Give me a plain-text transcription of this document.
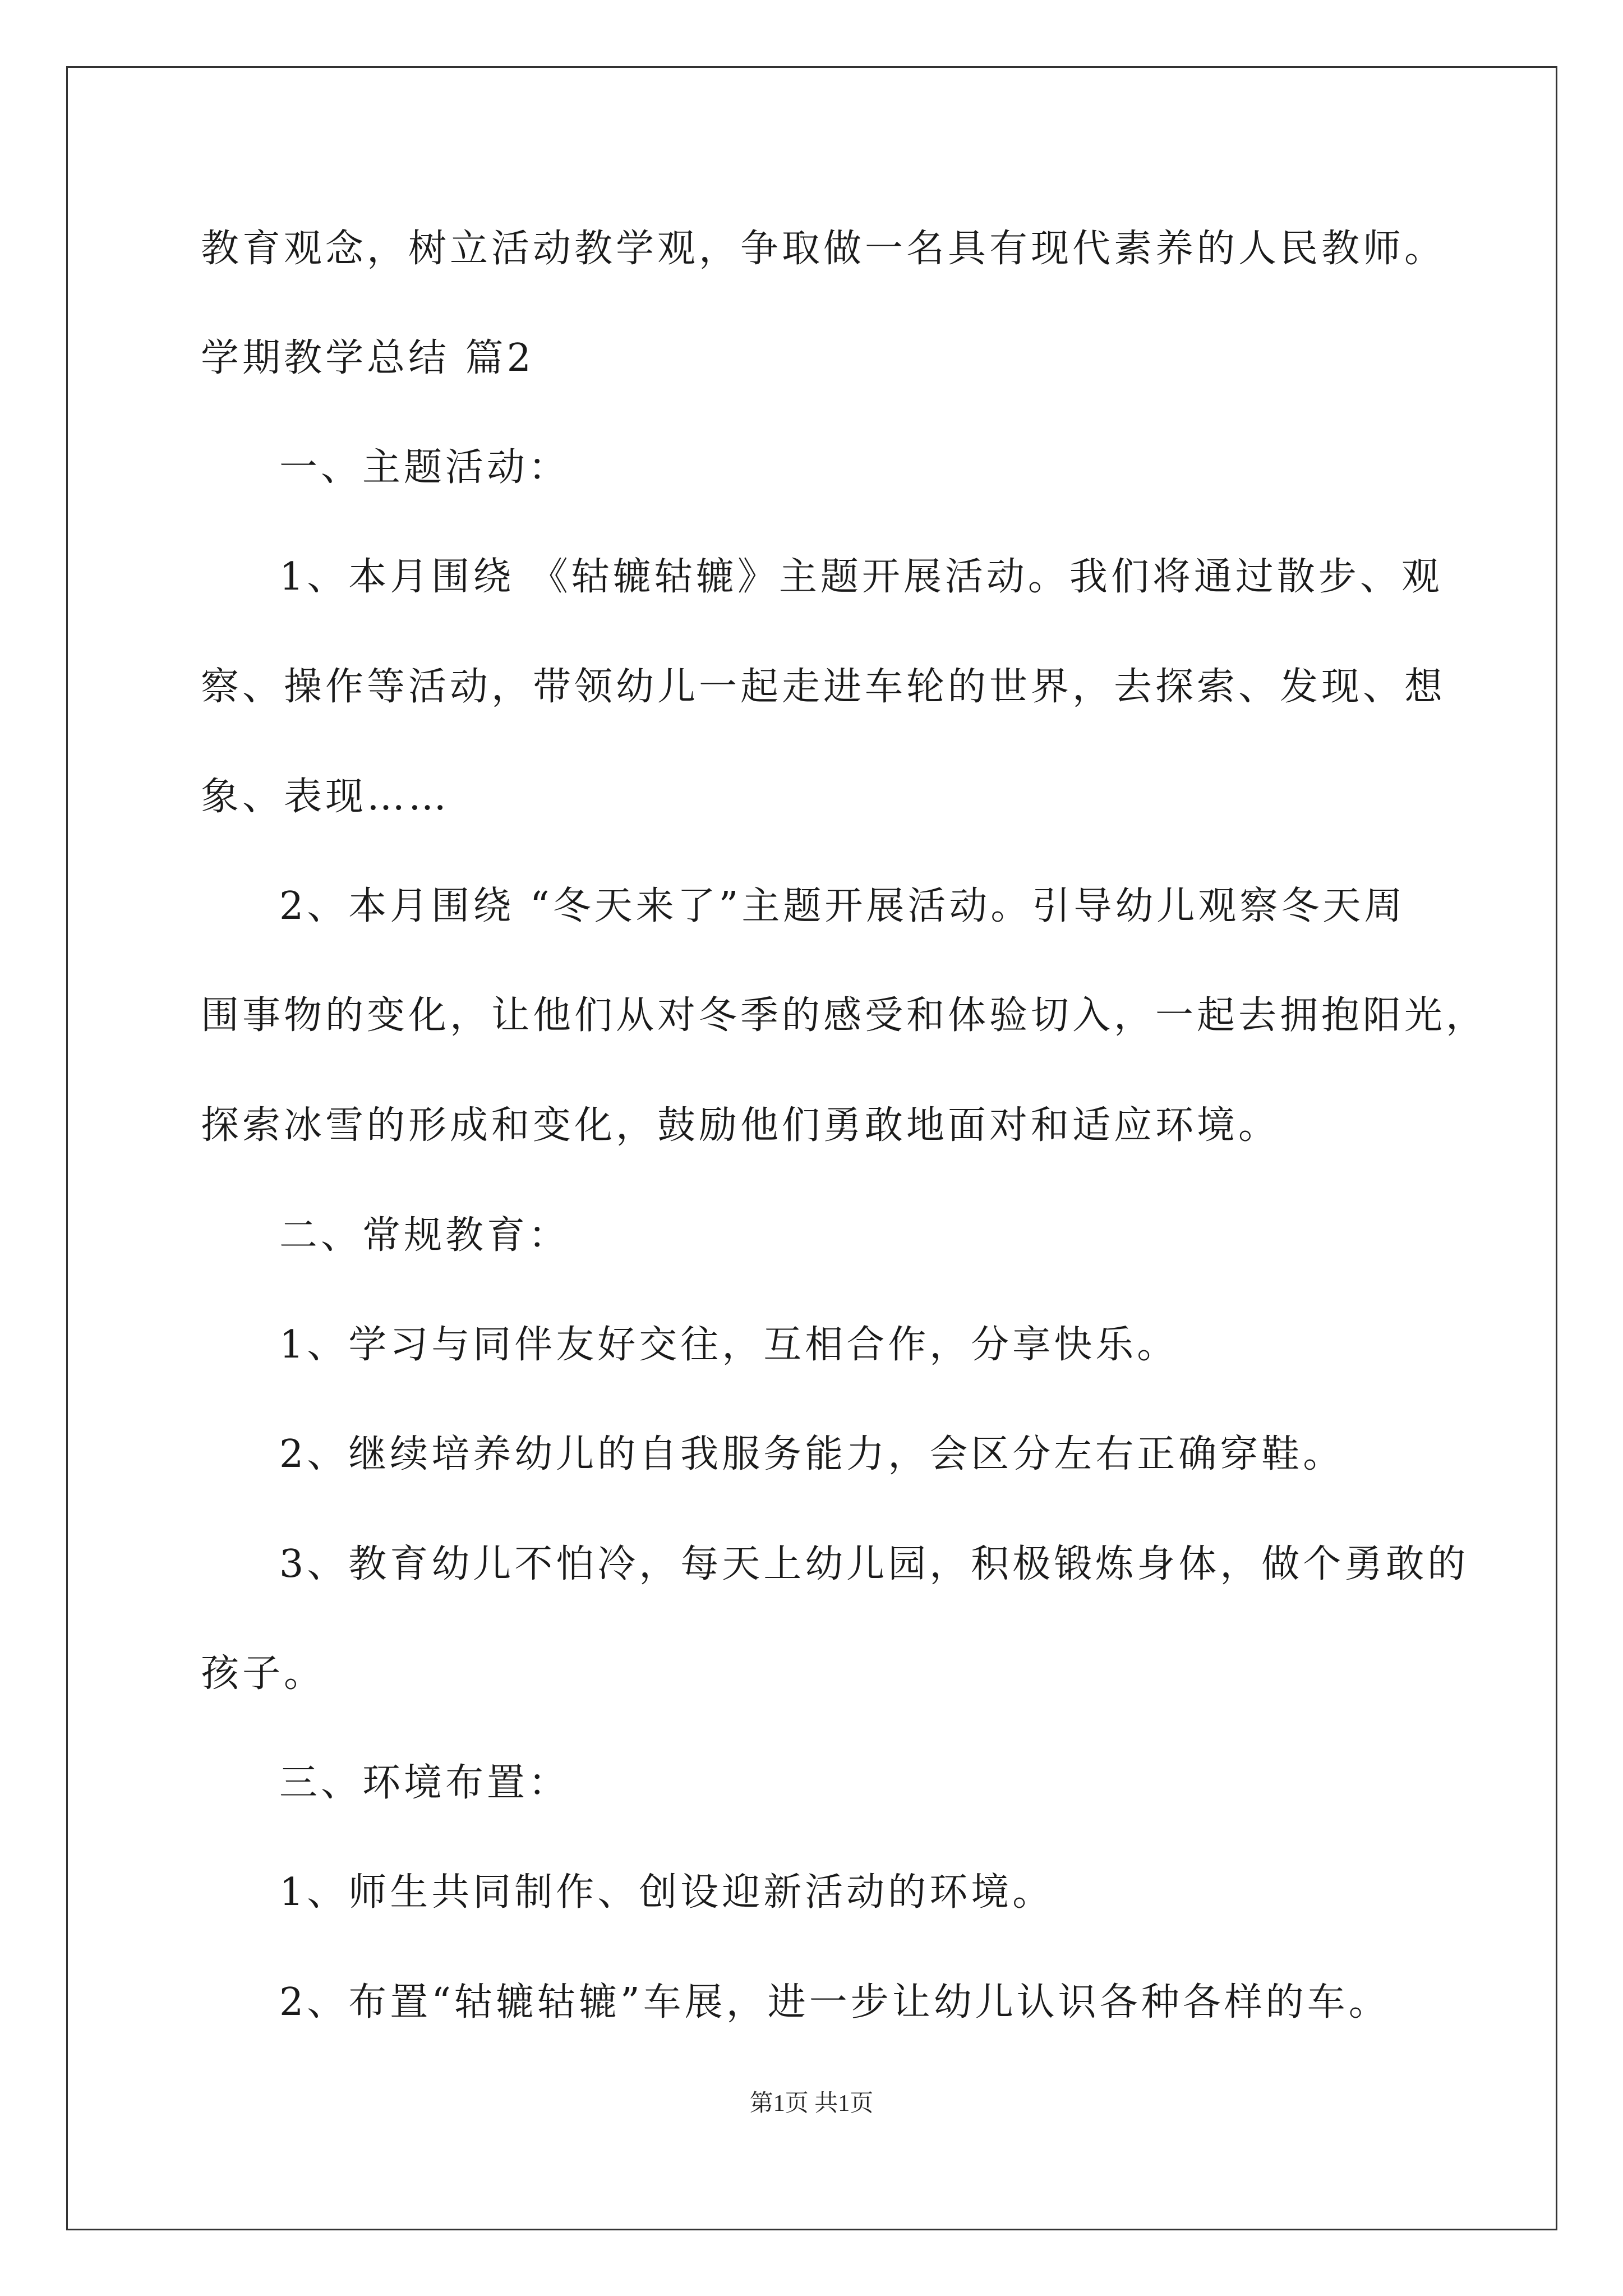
教育观念，树立活动教学观，争取做一名具有现代素养的人民教师。
学期教学总结 篇2
一、主题活动：
1、本月围绕 《轱辘轱辘》主题开展活动。我们将通过散步、观
察、操作等活动，带领幼儿一起走进车轮的世界，去探索、发现、想
象、表现……
2、本月围绕 “冬天来了”主题开展活动。引导幼儿观察冬天周
围事物的变化，让他们从对冬季的感受和体验切入，一起去拥抱阳光，
探索冰雪的形成和变化，鼓励他们勇敢地面对和适应环境。
二、常规教育：
1、学习与同伴友好交往，互相合作，分享快乐。
2、继续培养幼儿的自我服务能力，会区分左右正确穿鞋。
3、教育幼儿不怕冷，每天上幼儿园，积极锻炼身体，做个勇敢的
孩子。
三、环境布置：
1、师生共同制作、创设迎新活动的环境。
2、布置“轱辘轱辘”车展，进一步让幼儿认识各种各样的车。
第1页 共1页
